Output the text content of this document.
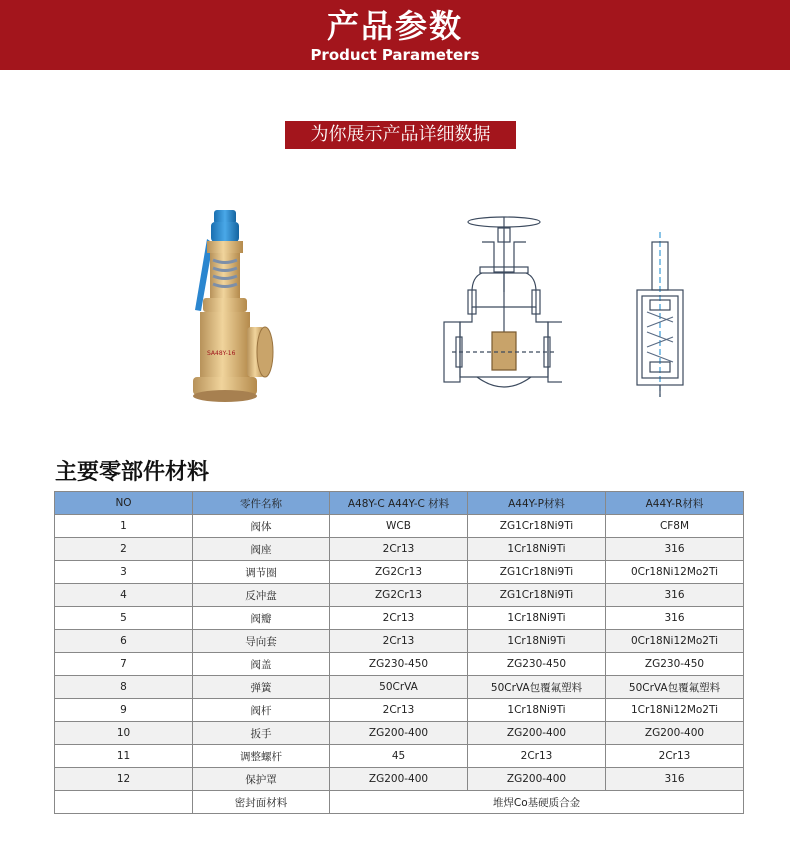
产品参数
Product Parameters
为你展示产品详细数据
SA48Y-16
主要零部件材料
NO	零件名称	A48Y-C A44Y-C 材料	A44Y-P材料	A44Y-R材料
1	阀体	WCB	ZG1Cr18Ni9Ti	CF8M
2	阀座	2Cr13	1Cr18Ni9Ti	316
3	调节圈	ZG2Cr13	ZG1Cr18Ni9Ti	0Cr18Ni12Mo2Ti
4	反冲盘	ZG2Cr13	ZG1Cr18Ni9Ti	316
5	阀瓣	2Cr13	1Cr18Ni9Ti	316
6	导向套	2Cr13	1Cr18Ni9Ti	0Cr18Ni12Mo2Ti
7	阀盖	ZG230-450	ZG230-450	ZG230-450
8	弹簧	50CrVA	50CrVA包覆氟塑料	50CrVA包覆氟塑料
9	阀杆	2Cr13	1Cr18Ni9Ti	1Cr18Ni12Mo2Ti
10	扳手	ZG200-400	ZG200-400	ZG200-400
11	调整螺杆	45	2Cr13	2Cr13
12	保护罩	ZG200-400	ZG200-400	316
	密封面材料	堆焊Co基硬质合金		
